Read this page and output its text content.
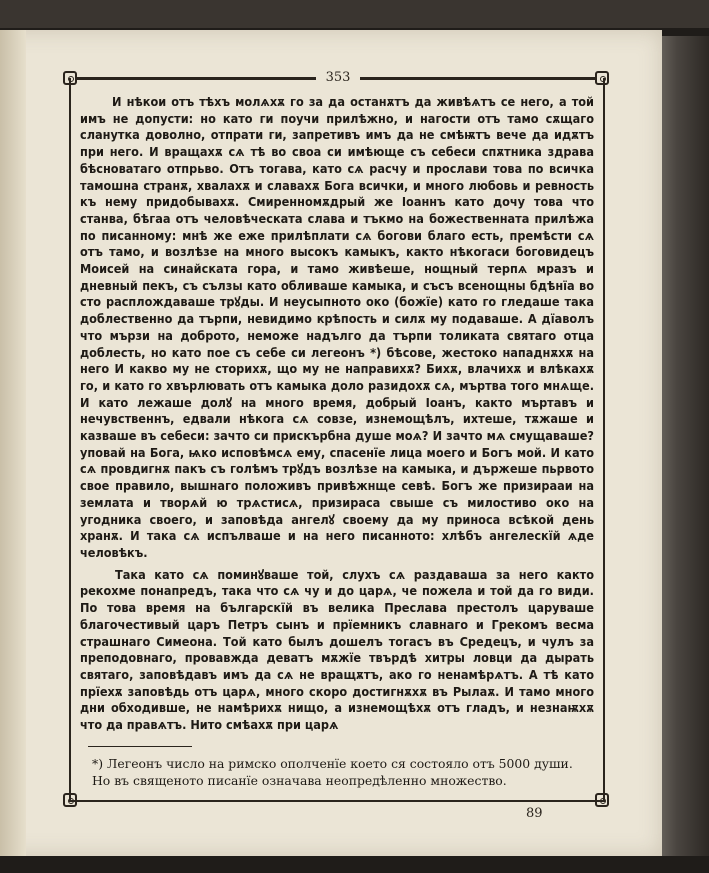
353

И нѣкои отъ тѣхъ молѧхѫ го за да останѫтъ да живѣѧтъ се него, а той имъ не допусти: но като ги поучи прилѣжно, и нагости отъ тамо сѫщаго сланутка доволно, отпрати ги, запретивъ имъ да не смѣѭтъ вече да идѫтъ при него. И вращахѫ сѧ тѣ во своа си имѣюще съ себеси спѫтника здрава бѣсноватаго отпрьво. Отъ тогава, като сѧ расчу и прослави това по всичка тамошна странѫ, хвалахѫ и славахѫ Бога всички, и много любовь и ревность къ нему придобывахѫ. Смиренномѫдрый же Іоаннъ като дочу това что станва, бѣгаа отъ человѣческата слава и тъкмо на божественната прилѣжа по писанному: мнѣ же еже прилѣплати сѧ богови благо есть, премѣсти сѧ отъ тамо, и возлѣзе на многo высокъ камыкъ, както нѣкогаси боговидецъ Моисей на синайската гора, и тамо живѣеше, нощный терпѧ мразъ и дневный пекъ, съ сълзы като обливаше камыка, и съсъ всенощны бдѣнїа во сто расплождаваше трꙋды. И неусыпното око (божїе) като го гледаше така доблественно да търпи, невидимо крѣпость и силѫ му подаваше. А дїаволъ что мързи на доброто, неможе надълго да търпи толиката святаго отца доблесть, но като пое съ себе си легеонъ *) бѣсове, жестоко нападнѫхѫ на него И какво му не сторихѫ, що му не направихѫ? Бихѫ, влачихѫ и влѣкахѫ го, и като го хвърлювать отъ камыка доло разидохѫ сѧ, мъртва того мнѧще. И като лежаше долꙋ на много время, добрый Іоанъ, както мъртавъ и нечувственнъ, едвали нѣкога сѧ совзе, изнемощѣлъ, ихтеше, тѫжаше и казваше въ себеси: зачто си прискърбна душе моѧ? И зачто мѧ смущаваше? уповай на Бога, ѩко исповѣмсѧ ему, спасенїе лица моего и Богъ мой. И като сѧ провдигнѫ пакъ съ голѣмъ трꙋдъ возлѣзе на камыка, и държеше пьрвото свое правило, вышнаго положивъ привѣжнще севѣ. Богъ же призирааи на землата и творѧй ю трѧстисѧ, призираса свыше съ милостиво око на угодника своего, и заповѣда ангелꙋ своему да му приноса всѣкой день хранѫ. И така сѧ испълваше и на него писанното: хлѣбъ ангелескїй ѧде человѣкъ.

Така като сѧ поминꙋваше той, слухъ сѧ раздаваша за него както рекохме понапредъ, така что сѧ чу и до царѧ, че пожела и той да го види. По това время на българскїй въ велика Преслава престолъ царуваше благочестивый царъ Петръ сынъ и прїемникъ славнаго и Грекомъ весма страшнаго Симеона. Той като былъ дошелъ тогасъ въ Средецъ, и чулъ за преподовнаго, провавжда деватъ мѫжїе твърдѣ хитры ловци да дырать святаго, заповѣдавъ имъ да сѧ не вращѫтъ, ако го ненамѣрѧтъ. А тѣ като прїехѫ заповѣдь отъ царѧ, много скоро достигнѫхѫ въ Рылаѫ. И тамо много дни обходивше, не намѣрихѫ нищо, а изнемощѣхѫ отъ гладъ, и незнаѭхѫ что да правѧтъ. Нито смѣахѫ при царѧ

*) Легеонъ число на римско ополченїе което ся состояло отъ 5000 души. Но въ священото писанїе означава неопредѣленно множество.
89
